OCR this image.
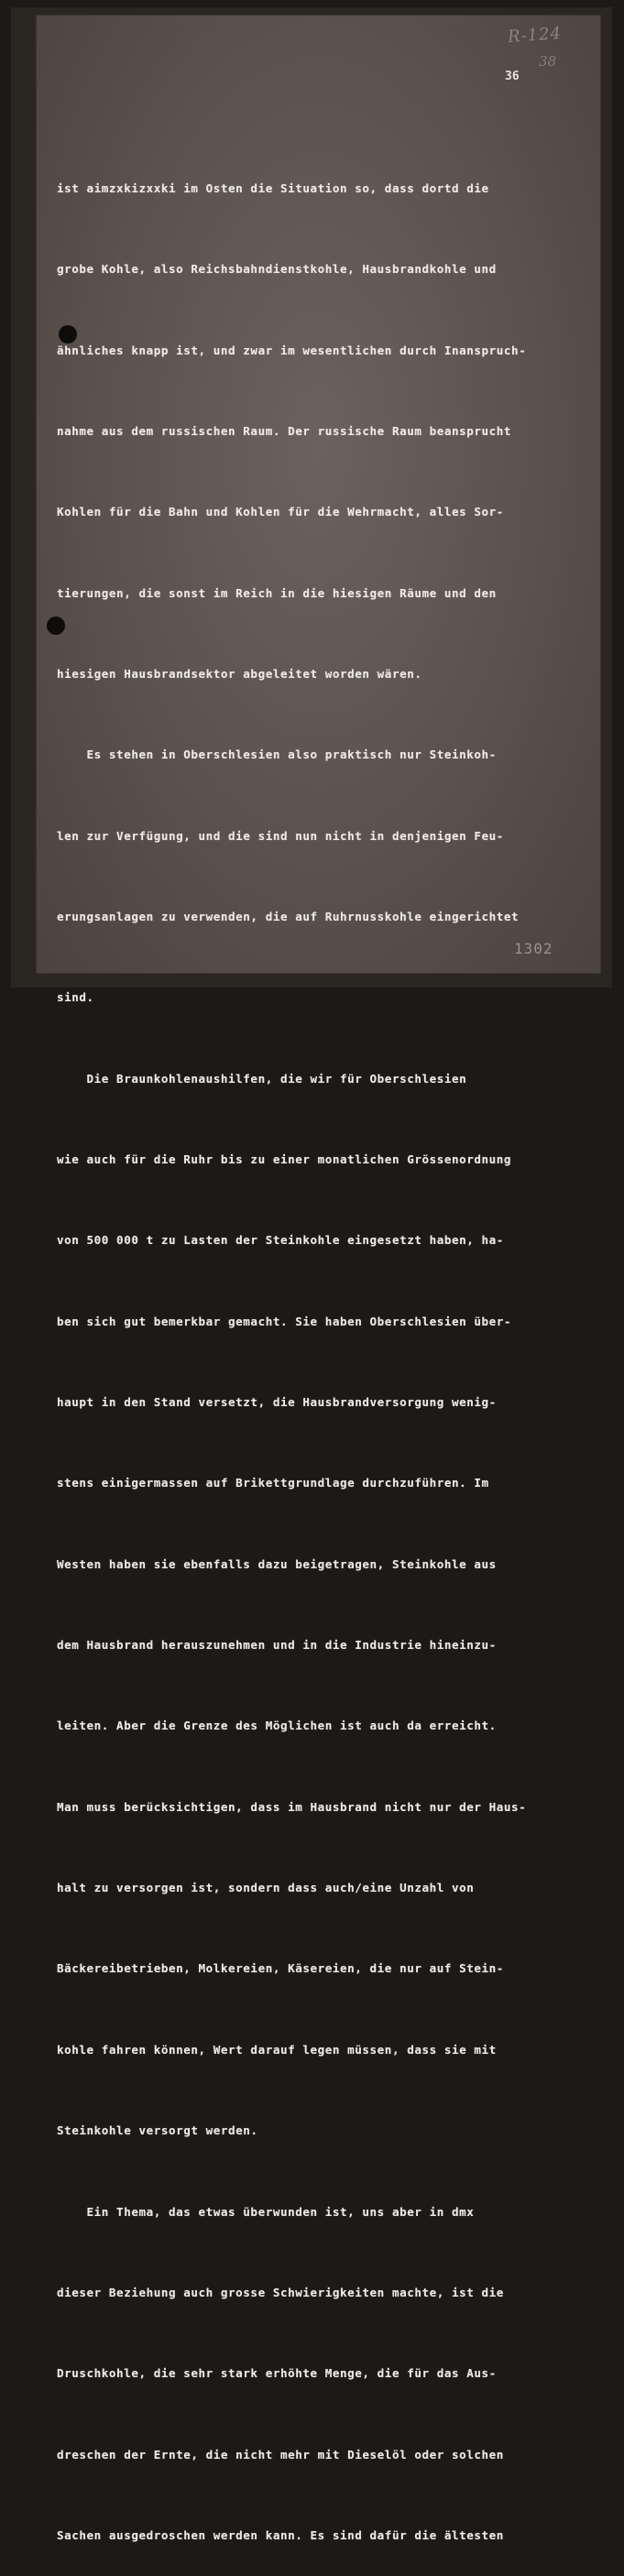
R-124
38
36

ist aimzxkizxxki im Osten die Situation so, dass dortd die

grobe Kohle, also Reichsbahndienstkohle, Hausbrandkohle und

ähnliches knapp ist, und zwar im wesentlichen durch Inanspruch-

nahme aus dem russischen Raum. Der russische Raum beansprucht

Kohlen für die Bahn und Kohlen für die Wehrmacht, alles Sor-

tierungen, die sonst im Reich in die hiesigen Räume und den

hiesigen Hausbrandsektor abgeleitet worden wären.

Es stehen in Oberschlesien also praktisch nur Steinkoh-

len zur Verfügung, und die sind nun nicht in denjenigen Feu-

erungsanlagen zu verwenden, die auf Ruhrnusskohle eingerichtet

sind.

Die Braunkohlenaushilfen, die wir für Oberschlesien

wie auch für die Ruhr bis zu einer monatlichen Grössenordnung

von 500 000 t zu Lasten der Steinkohle eingesetzt haben, ha-

ben sich gut bemerkbar gemacht. Sie haben Oberschlesien über-

haupt in den Stand versetzt, die Hausbrandversorgung wenig-

stens einigermassen auf Brikettgrundlage durchzuführen. Im

Westen haben sie ebenfalls dazu beigetragen, Steinkohle aus

dem Hausbrand herauszunehmen und in die Industrie hineinzu-

leiten. Aber die Grenze des Möglichen ist auch da erreicht.

Man muss berücksichtigen, dass im Hausbrand nicht nur der Haus-

halt zu versorgen ist, sondern dass auch/eine Unzahl von

Bäckereibetrieben, Molkereien, Käsereien, die nur auf Stein-

kohle fahren können, Wert darauf legen müssen, dass sie mit

Steinkohle versorgt werden.

Ein Thema, das etwas überwunden ist, uns aber in dmx

dieser Beziehung auch grosse Schwierigkeiten machte, ist die

Druschkohle, die sehr stark erhöhte Menge, die für das Aus-

dreschen der Ernte, die nicht mehr mit Dieselöl oder solchen

Sachen ausgedroschen werden kann. Es sind dafür die ältesten

1302
